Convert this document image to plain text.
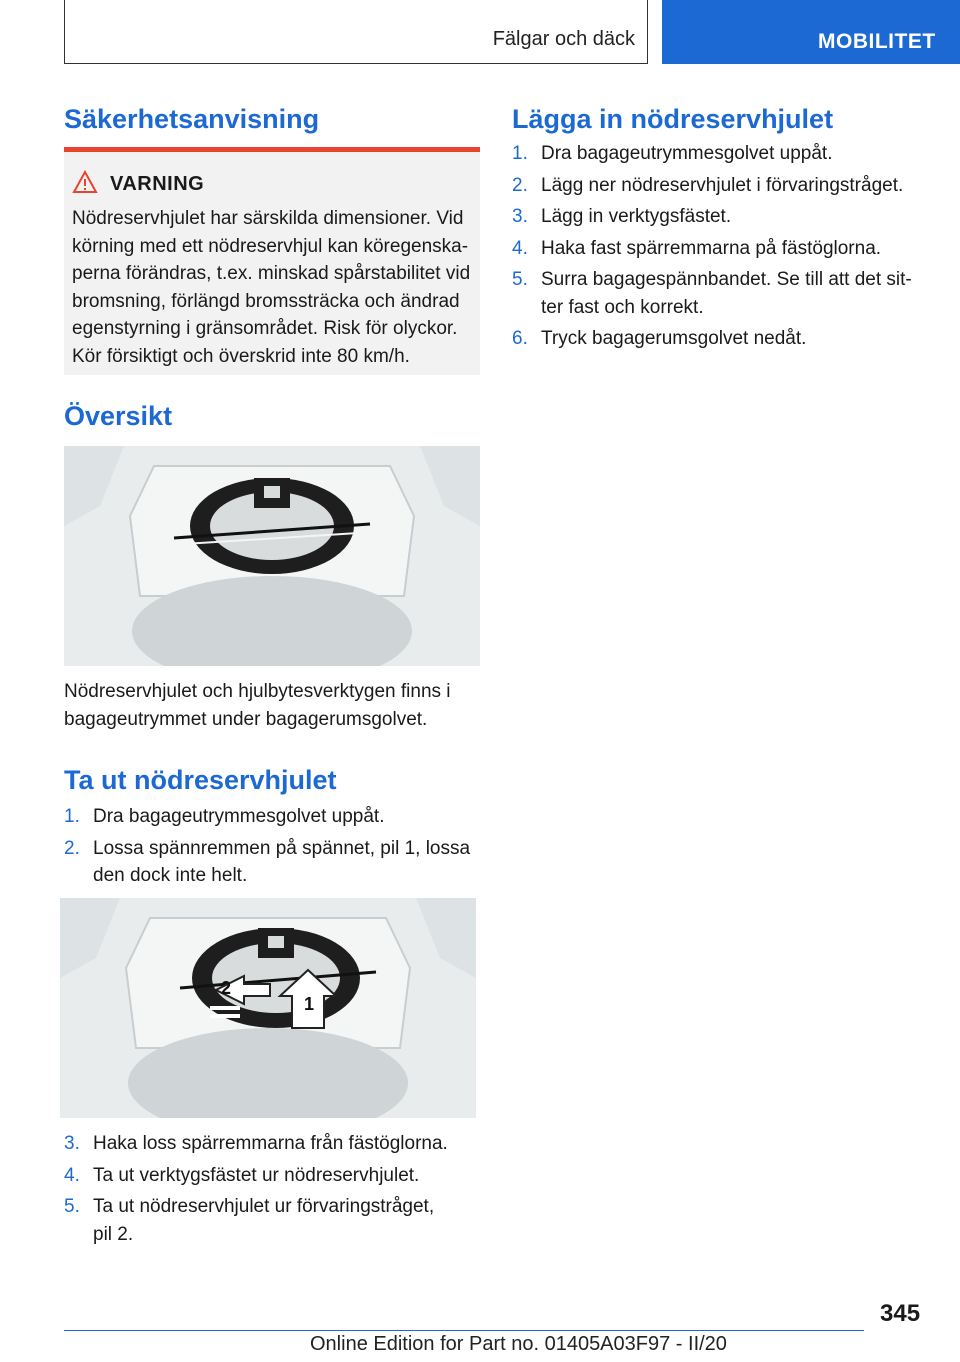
Fälgar och däck	MOBILITET
Säkerhetsanvisning
VARNING
Nödreservhjulet har särskilda dimensioner. Vid
körning med ett nödreservhjul kan köregenska-
perna förändras, t.ex. minskad spårstabilitet vid
bromsning, förlängd bromssträcka och ändrad
egenstyrning i gränsområdet. Risk för olyckor.
Kör försiktigt och överskrid inte 80 km/h.
Översikt
Nödreservhjulet och hjulbytesverktygen finns i
bagageutrymmet under bagagerumsgolvet.
Ta ut nödreservhjulet
1. Dra bagageutrymmesgolvet uppåt.
2. Lossa spännremmen på spännet, pil 1, lossa
den dock inte helt.
1
2
3. Haka loss spärremmarna från fästöglorna.
4. Ta ut verktygsfästet ur nödreservhjulet.
5. Ta ut nödreservhjulet ur förvaringstråget,
pil 2.
Lägga in nödreservhjulet
1. Dra bagageutrymmesgolvet uppåt.
2. Lägg ner nödreservhjulet i förvaringstråget.
3. Lägg in verktygsfästet.
4. Haka fast spärremmarna på fästöglorna.
5. Surra bagagespännbandet. Se till att det sit-
ter fast och korrekt.
6. Tryck bagagerumsgolvet nedåt.
345
Online Edition for Part no. 01405A03F97 - II/20
